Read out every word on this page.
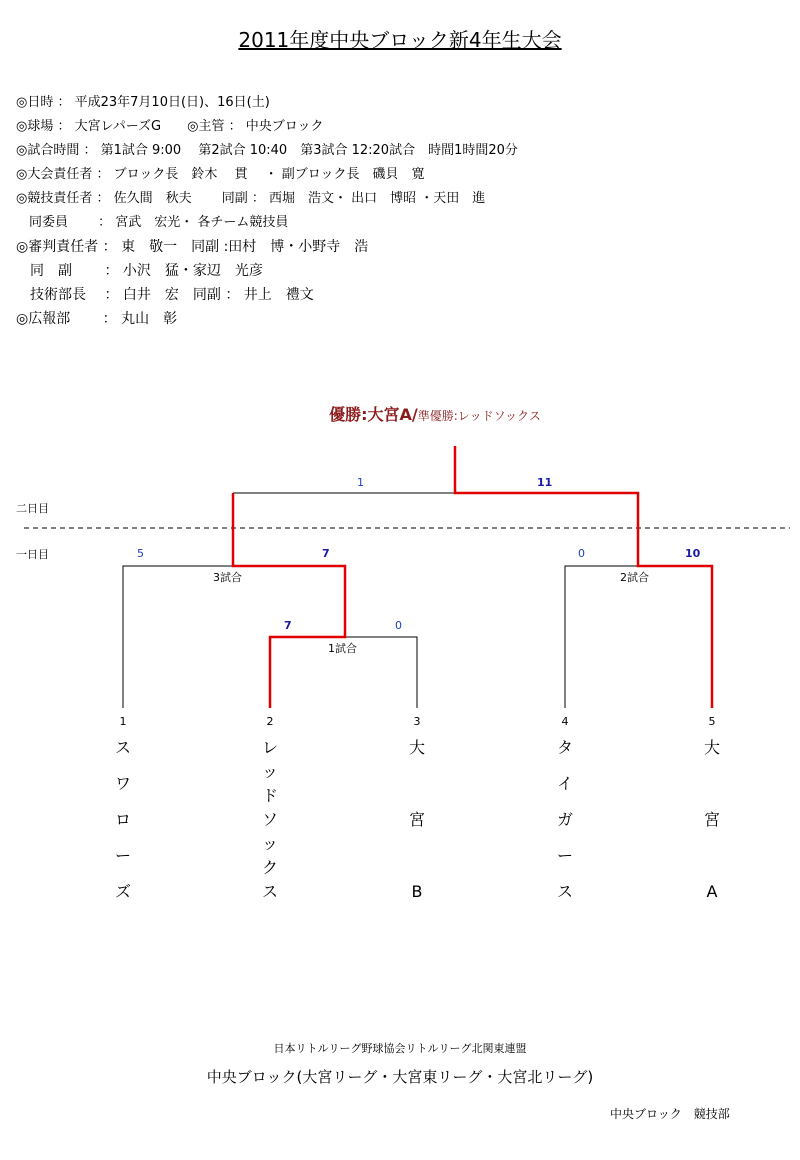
2011年度中央ブロック新4年生大会
◎日時 ： 平成23年7月10日(日)、16日(土)
◎球場 ： 大宮レパーズG　　◎主管 ： 中央ブロック
◎試合時間 ： 第1試合 9:00　 第2試合 10:40　第3試合 12:20試合　時間1時間20分
◎大会責任者 ： ブロック長　鈴木　 貫　 ・ 副ブロック長　磯貝　寛
◎競技責任者 ： 佐久間　秋夫　　 同副 ： 西堀　浩文・ 出口　博昭 ・天田　進
　同委員　　 ： 宮武　宏光・ 各チーム競技員
◎審判責任者 ： 東　敬一　同副 :田村　博・小野寺　浩
　同　副　　 ： 小沢　猛・家辺　光彦
　技術部長　 ： 白井　宏　同副 ： 井上　禮文
◎広報部　　 ： 丸山　彰
優勝:大宮A/準優勝:レッドソックス
二日目
一日目
3試合	2試合
1試合
7	0
5	7	0	10
1	11
1	2	3	4	5
ス
ワ
ロ
ー
ズ
レ
ッ
ド
ソ
ッ
ク
ス
大
宮
B
タ
イ
ガ
ー
ス
大
宮
A
日本リトルリーグ野球協会リトルリーグ北関東連盟
中央ブロック(大宮リーグ・大宮東リーグ・大宮北リーグ)
中央ブロック　競技部
